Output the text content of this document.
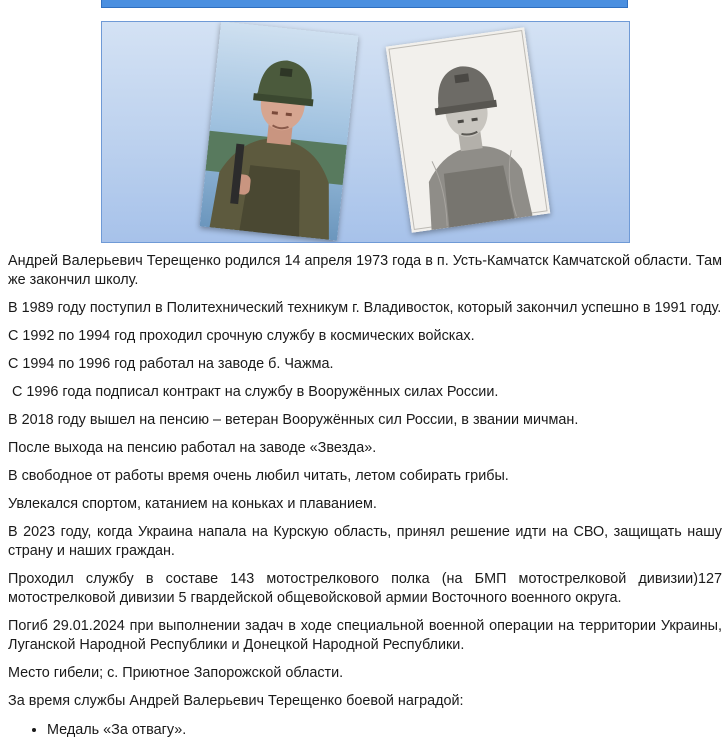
Андрей Валерьевич Терещенко родился 14 апреля 1973 года в п. Усть-Камчатск Камчатской области. Там же закончил школу.

В 1989 году поступил в Политехнический техникум г. Владивосток, который закончил успешно в 1991 году.

С 1992 по 1994 год проходил срочную службу в космических войсках.

С 1994 по 1996 год работал на заводе б. Чажма.

С 1996 года подписал контракт на службу в Вооружённых силах России.

В 2018 году вышел на пенсию – ветеран Вооружённых сил России, в звании мичман.

После выхода на пенсию работал на заводе «Звезда».

В свободное от работы время очень любил читать, летом собирать грибы.

Увлекался спортом, катанием на коньках и плаванием.

В 2023 году, когда Украина напала на Курскую область, принял решение идти на СВО, защищать нашу страну и наших граждан.

Проходил службу в составе 143 мотострелкового полка (на БМП мотострелковой дивизии)127 мотострелковой дивизии 5 гвардейской общевойсковой армии Восточного военного округа.

Погиб 29.01.2024 при выполнении задач в ходе специальной военной операции на территории Украины, Луганской Народной Республики и Донецкой Народной Республики.

Место гибели; с. Приютное Запорожской области.

За время службы Андрей Валерьевич Терещенко боевой наградой:

• Медаль «За отвагу».
